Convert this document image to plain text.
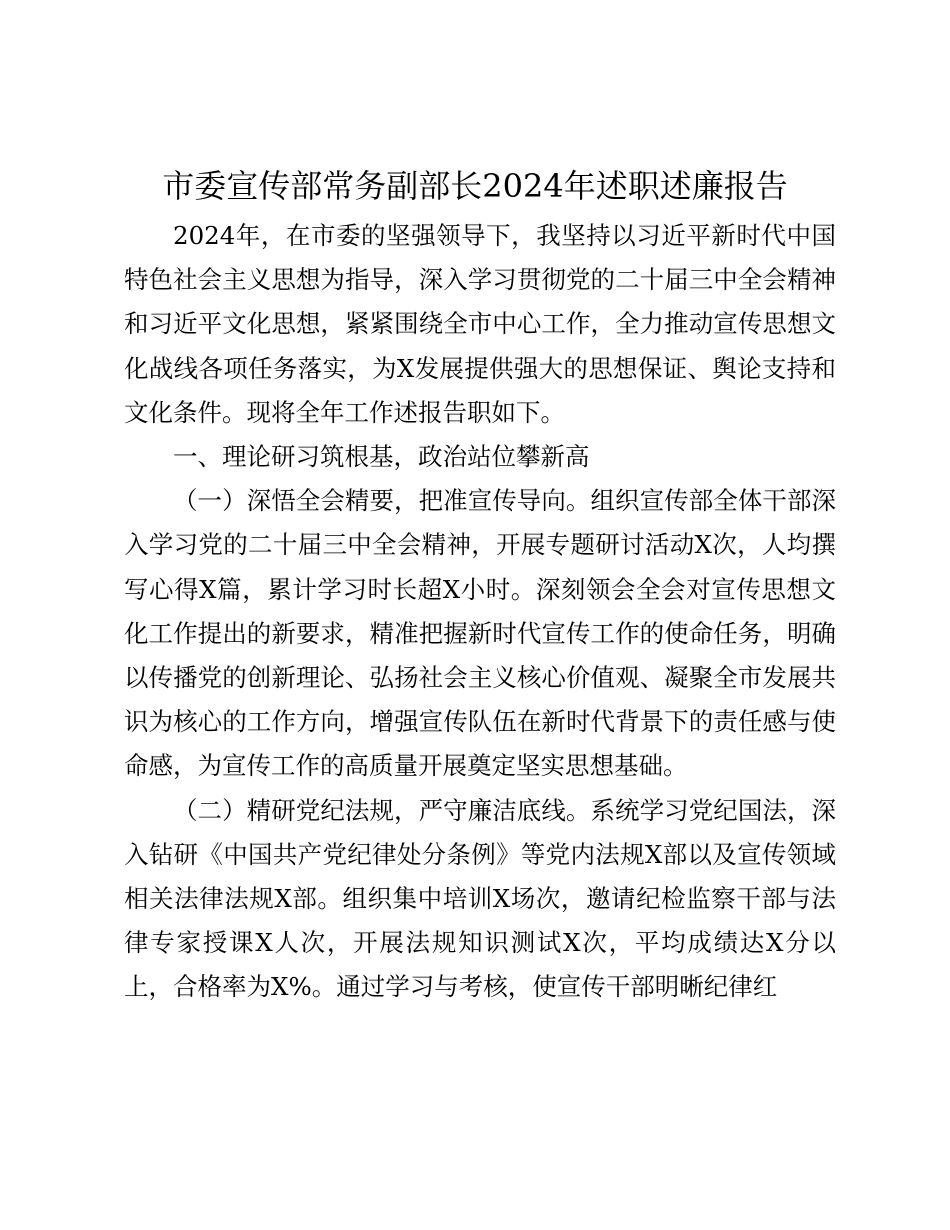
市委宣传部常务副部长2024年述职述廉报告

2024年，在市委的坚强领导下，我坚持以习近平新时代中国特色社会主义思想为指导，深入学习贯彻党的二十届三中全会精神和习近平文化思想，紧紧围绕全市中心工作，全力推动宣传思想文化战线各项任务落实，为X发展提供强大的思想保证、舆论支持和文化条件。现将全年工作述报告职如下。

一、理论研习筑根基，政治站位攀新高

（一）深悟全会精要，把准宣传导向。组织宣传部全体干部深入学习党的二十届三中全会精神，开展专题研讨活动X次，人均撰写心得X篇，累计学习时长超X小时。深刻领会全会对宣传思想文化工作提出的新要求，精准把握新时代宣传工作的使命任务，明确以传播党的创新理论、弘扬社会主义核心价值观、凝聚全市发展共识为核心的工作方向，增强宣传队伍在新时代背景下的责任感与使命感，为宣传工作的高质量开展奠定坚实思想基础。

（二）精研党纪法规，严守廉洁底线。系统学习党纪国法，深入钻研《中国共产党纪律处分条例》等党内法规X部以及宣传领域相关法律法规X部。组织集中培训X场次，邀请纪检监察干部与法律专家授课X人次，开展法规知识测试X次，平均成绩达X分以上，合格率为X%。通过学习与考核，使宣传干部明晰纪律红
